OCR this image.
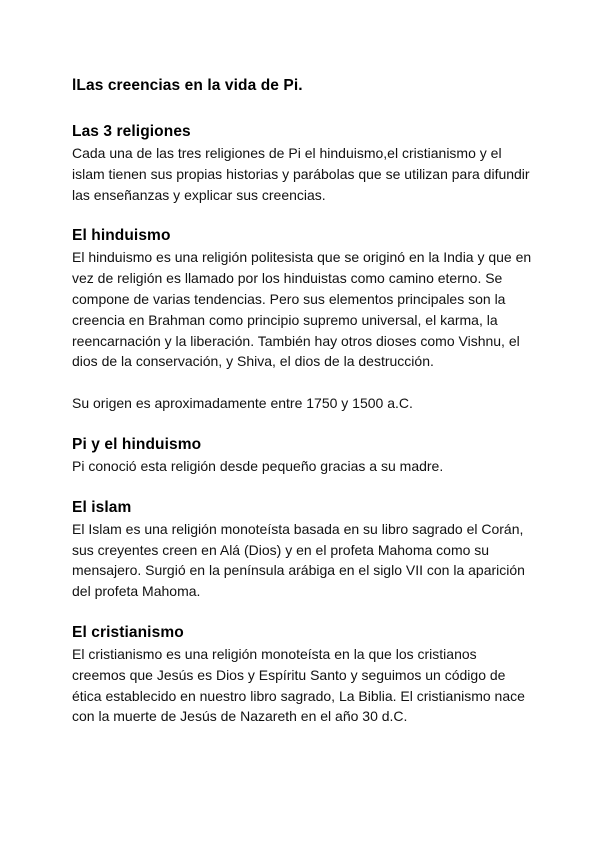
lLas creencias en la vida de Pi.
Las 3 religiones

Cada una de las tres religiones de Pi el hinduismo,el cristianismo y el islam tienen sus propias historias y parábolas que se utilizan para difundir las enseñanzas y explicar sus creencias.

El hinduismo

El hinduismo es una religión politesista que se originó en la India y que en vez de religión es llamado por los hinduistas como camino eterno. Se compone de varias tendencias. Pero sus elementos principales son la creencia en Brahman como principio supremo universal, el karma, la reencarnación y la liberación. También hay otros dioses como Vishnu, el dios de la conservación, y Shiva, el dios de la destrucción.

Su origen es aproximadamente entre 1750 y 1500 a.C.

Pi y el hinduismo

Pi conoció esta religión desde pequeño gracias a su madre.

El islam

El Islam es una religión monoteísta basada en su libro sagrado el Corán, sus creyentes creen en Alá (Dios) y en el profeta Mahoma como su mensajero. Surgió en la península arábiga en el siglo VII con la aparición del profeta Mahoma.

El cristianismo

El cristianismo es una religión monoteísta en la que los cristianos creemos que Jesús es Dios y Espíritu Santo y seguimos un código de ética establecido en nuestro libro sagrado, La Biblia. El cristianismo nace con la muerte de Jesús de Nazareth en el año 30 d.C.
